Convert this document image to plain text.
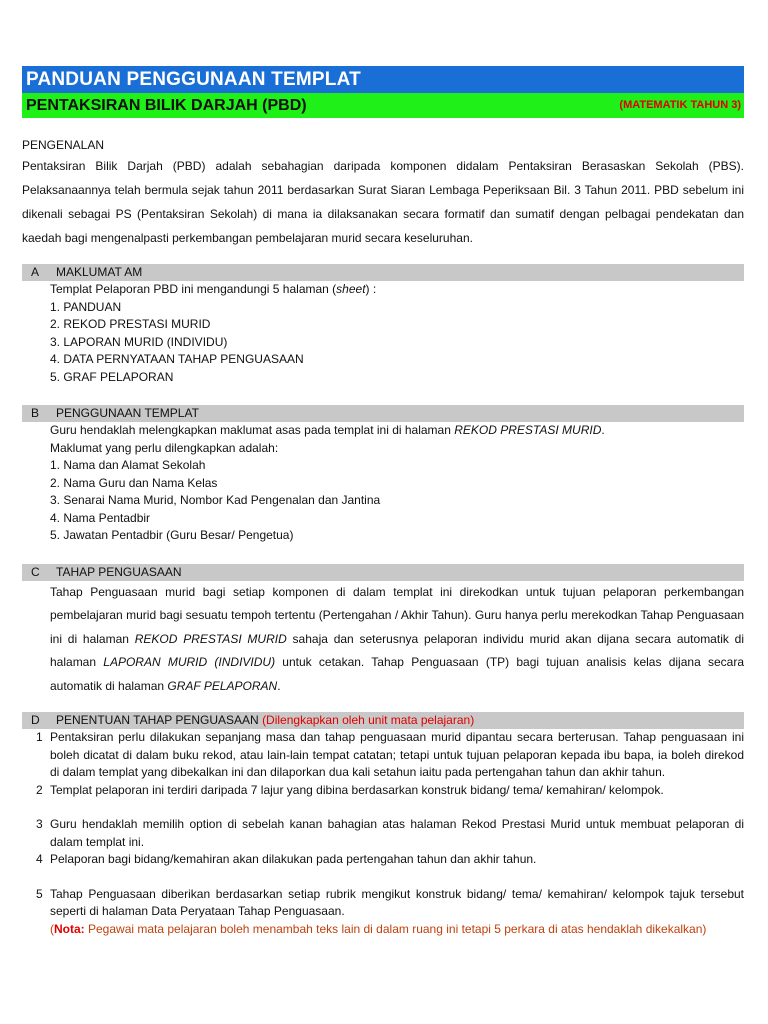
PANDUAN PENGGUNAAN TEMPLAT
PENTAKSIRAN BILIK DARJAH (PBD)	(MATEMATIK TAHUN 3)
PENGENALAN
Pentaksiran Bilik Darjah (PBD) adalah sebahagian daripada komponen didalam Pentaksiran Berasaskan Sekolah (PBS). Pelaksanaannya telah bermula sejak tahun 2011 berdasarkan Surat Siaran Lembaga Peperiksaan Bil. 3 Tahun 2011. PBD sebelum ini dikenali sebagai PS (Pentaksiran Sekolah) di mana ia dilaksanakan secara formatif dan sumatif dengan pelbagai pendekatan dan kaedah bagi mengenalpasti perkembangan pembelajaran murid secara keseluruhan.
A MAKLUMAT AM
Templat Pelaporan PBD ini mengandungi 5 halaman (sheet) :
1. PANDUAN
2. REKOD PRESTASI MURID
3. LAPORAN MURID (INDIVIDU)
4. DATA PERNYATAAN TAHAP PENGUASAAN
5. GRAF PELAPORAN
B PENGGUNAAN TEMPLAT
Guru hendaklah melengkapkan maklumat asas pada templat ini di halaman REKOD PRESTASI MURID.
Maklumat yang perlu dilengkapkan adalah:
1. Nama dan Alamat Sekolah
2. Nama Guru dan Nama Kelas
3. Senarai Nama Murid, Nombor Kad Pengenalan dan Jantina
4. Nama Pentadbir
5. Jawatan Pentadbir (Guru Besar/ Pengetua)
C TAHAP PENGUASAAN
Tahap Penguasaan murid bagi setiap komponen di dalam templat ini direkodkan untuk tujuan pelaporan perkembangan pembelajaran murid bagi sesuatu tempoh tertentu (Pertengahan / Akhir Tahun). Guru hanya perlu merekodkan Tahap Penguasaan ini di halaman REKOD PRESTASI MURID sahaja dan seterusnya pelaporan individu murid akan dijana secara automatik di halaman LAPORAN MURID (INDIVIDU) untuk cetakan. Tahap Penguasaan (TP) bagi tujuan analisis kelas dijana secara automatik di halaman GRAF PELAPORAN.
D PENENTUAN TAHAP PENGUASAAN (Dilengkapkan oleh unit mata pelajaran)
1 Pentaksiran perlu dilakukan sepanjang masa dan tahap penguasaan murid dipantau secara berterusan. Tahap penguasaan ini boleh dicatat di dalam buku rekod, atau lain-lain tempat catatan; tetapi untuk tujuan pelaporan kepada ibu bapa, ia boleh direkod di dalam templat yang dibekalkan ini dan dilaporkan dua kali setahun iaitu pada pertengahan tahun dan akhir tahun.
2 Templat pelaporan ini terdiri daripada 7 lajur yang dibina berdasarkan konstruk bidang/ tema/ kemahiran/ kelompok.
3 Guru hendaklah memilih option di sebelah kanan bahagian atas halaman Rekod Prestasi Murid untuk membuat pelaporan di dalam templat ini.
4 Pelaporan bagi bidang/kemahiran akan dilakukan pada pertengahan tahun dan akhir tahun.
5 Tahap Penguasaan diberikan berdasarkan setiap rubrik mengikut konstruk bidang/ tema/ kemahiran/ kelompok tajuk tersebut seperti di halaman Data Peryataan Tahap Penguasaan.
(Nota: Pegawai mata pelajaran boleh menambah teks lain di dalam ruang ini tetapi 5 perkara di atas hendaklah dikekalkan)
